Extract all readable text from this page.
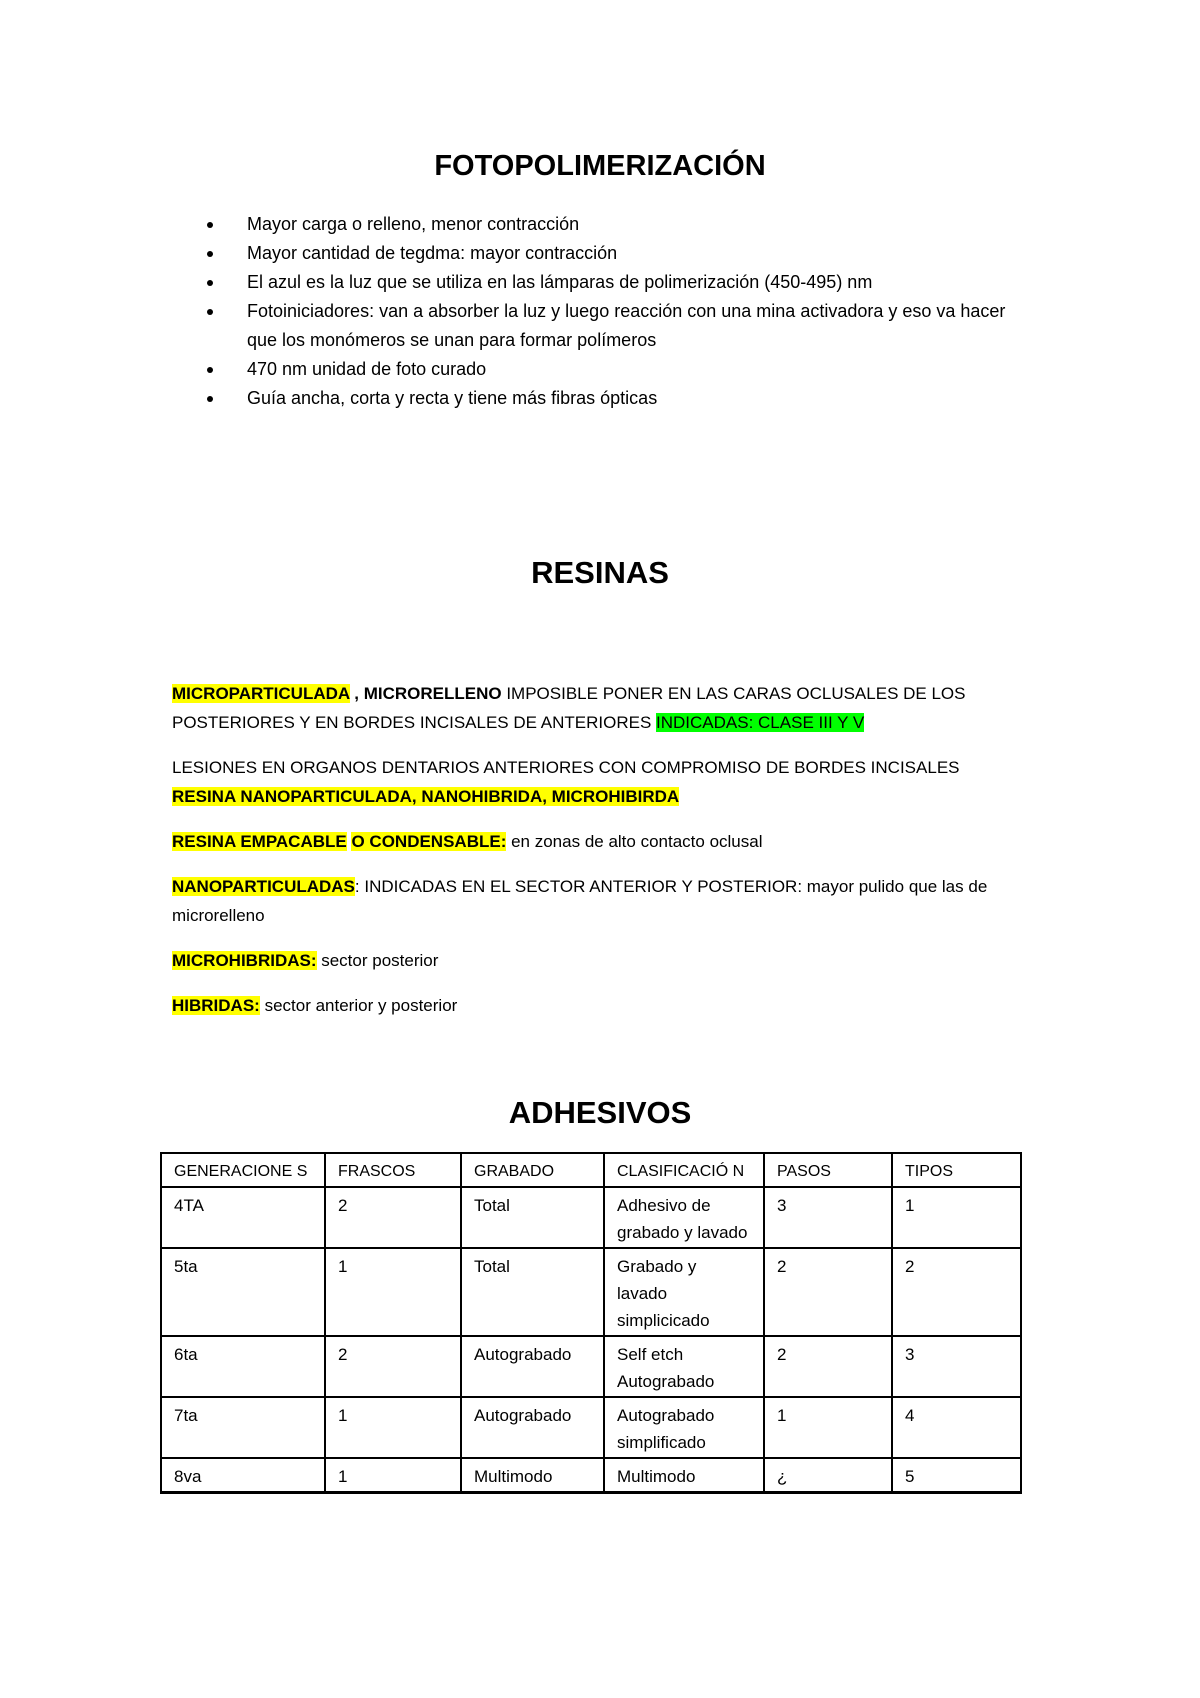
FOTOPOLIMERIZACIÓN
Mayor carga o relleno, menor contracción
Mayor cantidad de tegdma: mayor contracción
El azul es la luz que se utiliza en las lámparas de polimerización (450-495) nm
Fotoiniciadores: van a absorber la luz y luego reacción con una mina activadora y eso va hacer que los monómeros se unan para formar polímeros
470 nm unidad de foto curado
Guía ancha, corta y recta y tiene más fibras ópticas
RESINAS

MICROPARTICULADA , MICRORELLENO IMPOSIBLE PONER EN LAS CARAS OCLUSALES DE LOS POSTERIORES Y EN BORDES INCISALES DE ANTERIORES INDICADAS: CLASE III Y V

LESIONES EN ORGANOS DENTARIOS ANTERIORES CON COMPROMISO DE BORDES INCISALES
RESINA NANOPARTICULADA, NANOHIBRIDA, MICROHIBIRDA

RESINA EMPACABLE O CONDENSABLE: en zonas de alto contacto oclusal

NANOPARTICULADAS: INDICADAS EN EL SECTOR ANTERIOR Y POSTERIOR: mayor pulido que las de microrelleno

MICROHIBRIDAS: sector posterior

HIBRIDAS: sector anterior y posterior

ADHESIVOS
GENERACIONE S	FRASCOS	GRABADO	CLASIFICACIÓ N	PASOS	TIPOS
4TA	2	Total	Adhesivo de grabado y lavado	3	1
5ta	1	Total	Grabado y lavado simplicicado	2	2
6ta	2	Autograbado	Self etch Autograbado	2	3
7ta	1	Autograbado	Autograbado simplificado	1	4
8va	1	Multimodo	Multimodo	¿	5
